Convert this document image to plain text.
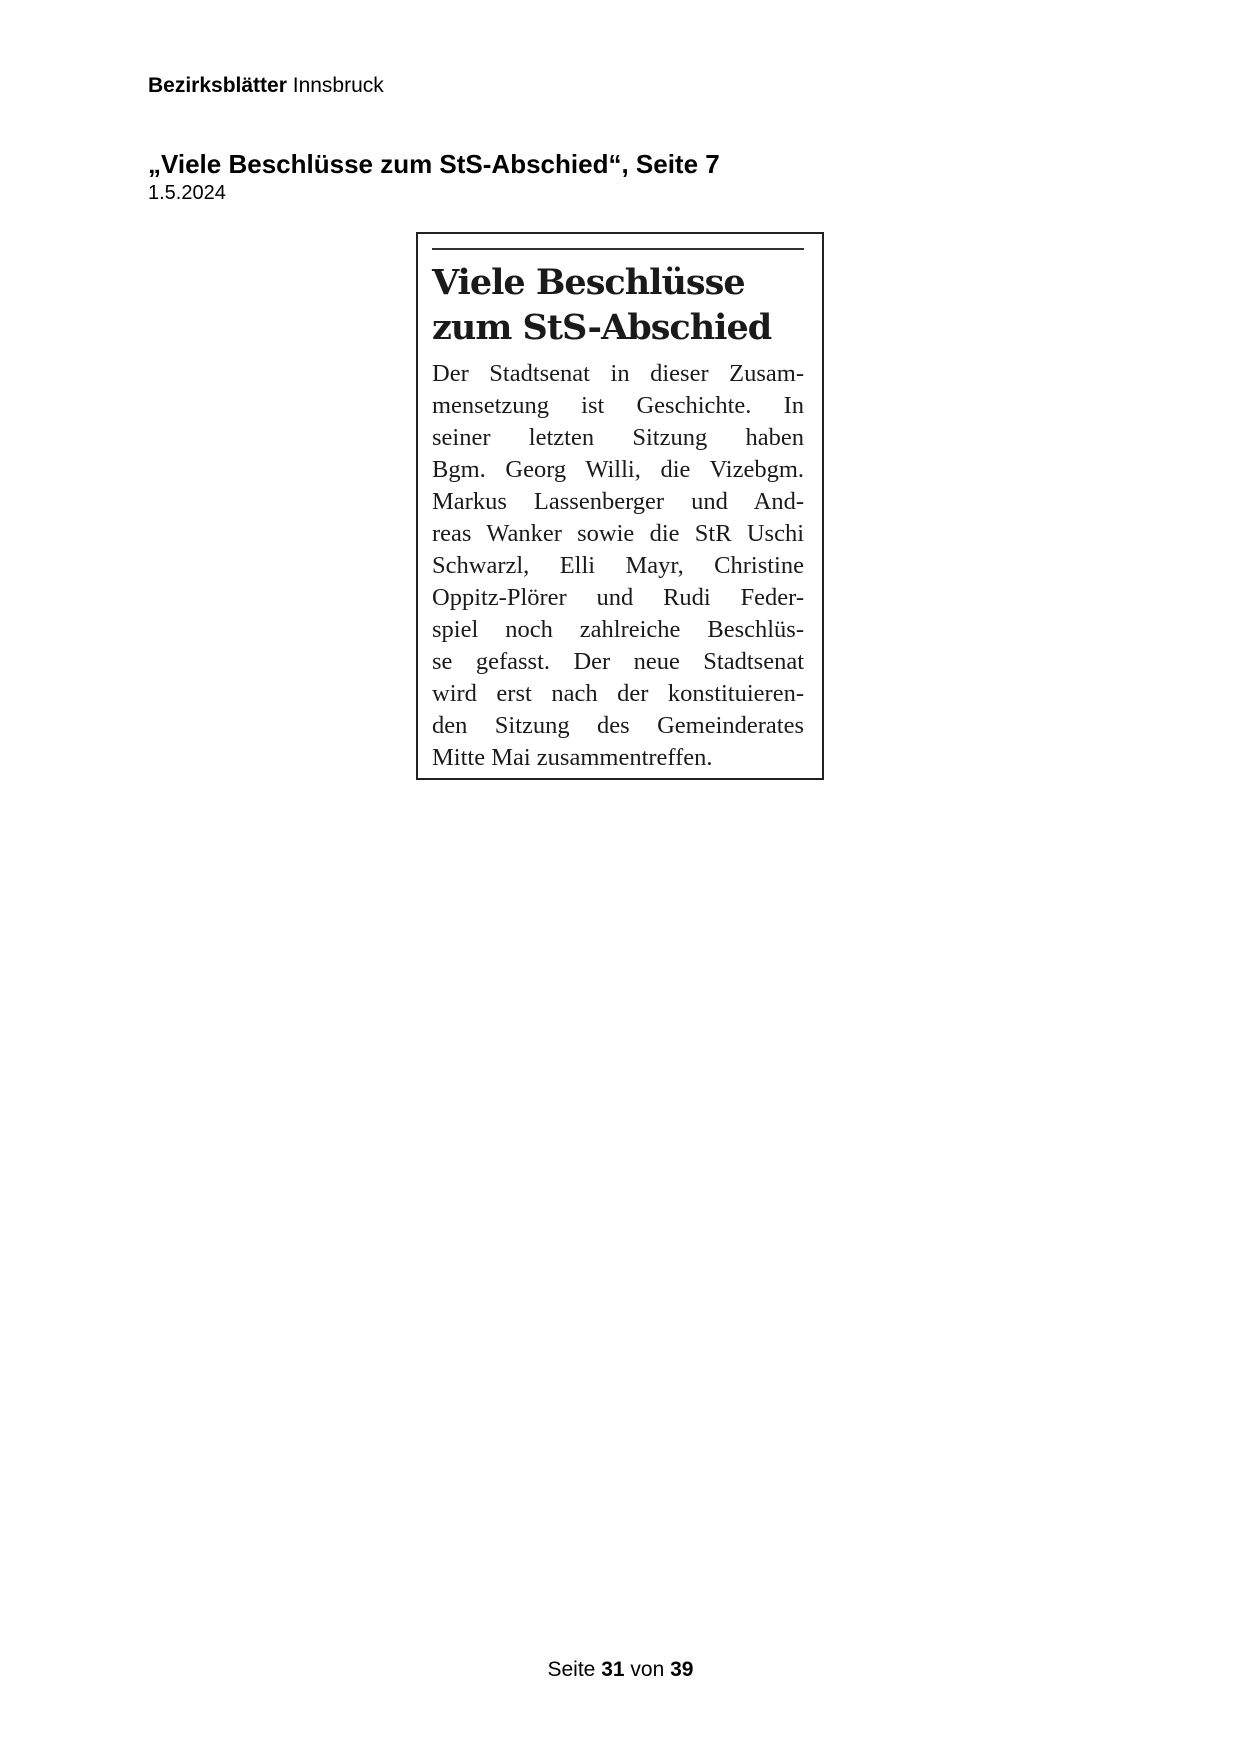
Bezirksblätter Innsbruck
„Viele Beschlüsse zum StS-Abschied“, Seite 7
1.5.2024
Viele Beschlüsse
zum StS-Abschied

Der Stadtsenat in dieser Zusam-
mensetzung ist Geschichte. In
seiner letzten Sitzung haben
Bgm. Georg Willi, die Vizebgm.
Markus Lassenberger und And-
reas Wanker sowie die StR Uschi
Schwarzl, Elli Mayr, Christine
Oppitz-Plörer und Rudi Feder-
spiel noch zahlreiche Beschlüs-
se gefasst. Der neue Stadtsenat
wird erst nach der konstituieren-
den Sitzung des Gemeinderates
Mitte Mai zusammentreffen.

Seite 31 von 39
